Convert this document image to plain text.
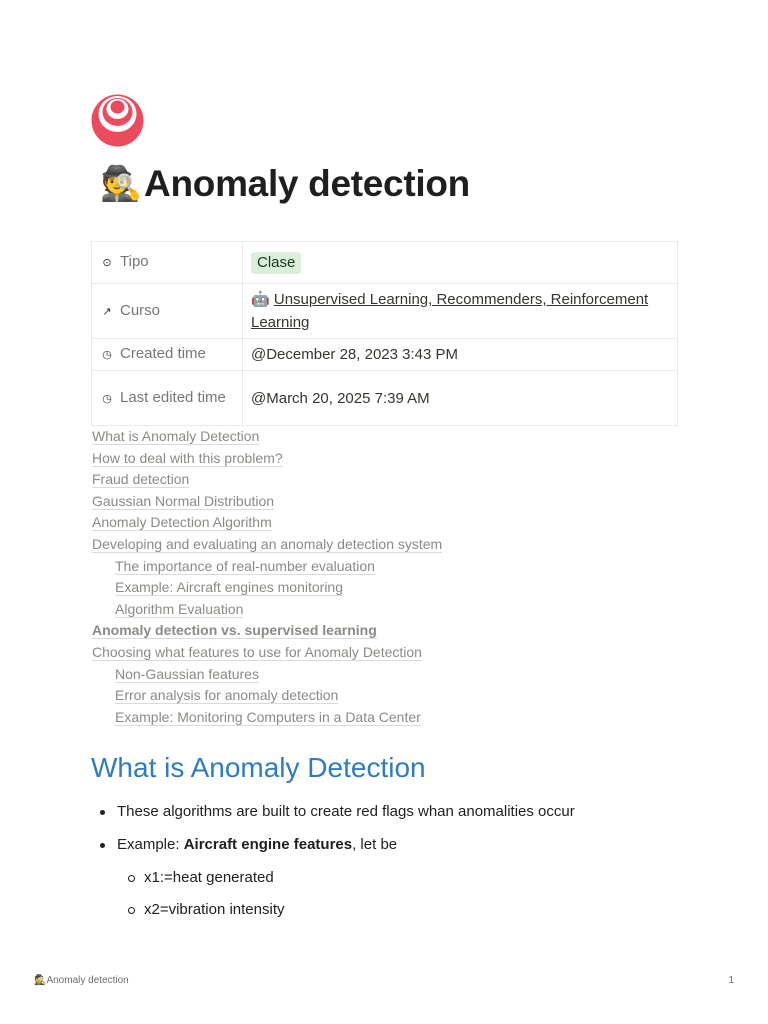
🕵️ Anomaly detection
⊙ Tipo	Clase
↗ Curso	🤖 Unsupervised Learning, Recommenders, Reinforcement Learning
◷ Created time	@December 28, 2023 3:43 PM
◷ Last edited time	@March 20, 2025 7:39 AM
What is Anomaly Detection
How to deal with this problem?
Fraud detection
Gaussian Normal Distribution
Anomaly Detection Algorithm
Developing and evaluating an anomaly detection system
The importance of real-number evaluation
Example: Aircraft engines monitoring
Algorithm Evaluation
Anomaly detection vs. supervised learning
Choosing what features to use for Anomaly Detection
Non-Gaussian features
Error analysis for anomaly detection
Example: Monitoring Computers in a Data Center
What is Anomaly Detection
These algorithms are built to create red flags whan anomalities occur
Example: Aircraft engine features, let be
x1:=heat generated
x2=vibration intensity
🕵️Anomaly detection	1
